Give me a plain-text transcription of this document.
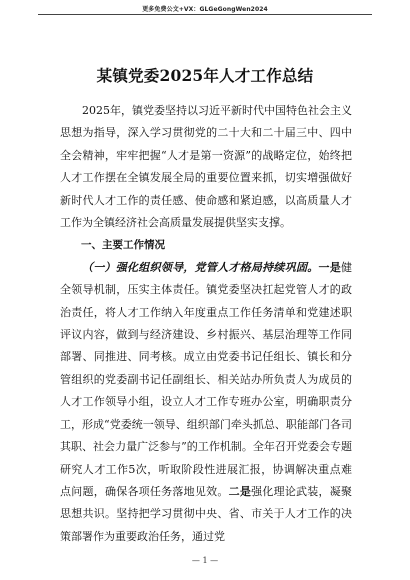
更多免费公文+VX：GLGeGongWen2024
某镇党委2025年人才工作总结

2025年，镇党委坚持以习近平新时代中国特色社会主义思想为指导，深入学习贯彻党的二十大和二十届三中、四中全会精神，牢牢把握“人才是第一资源”的战略定位，始终把人才工作摆在全镇发展全局的重要位置来抓，切实增强做好新时代人才工作的责任感、使命感和紧迫感，以高质量人才工作为全镇经济社会高质量发展提供坚实支撑。

一、主要工作情况

（一）强化组织领导，党管人才格局持续巩固。一是健全领导机制，压实主体责任。镇党委坚决扛起党管人才的政治责任，将人才工作纳入年度重点工作任务清单和党建述职评议内容，做到与经济建设、乡村振兴、基层治理等工作同部署、同推进、同考核。成立由党委书记任组长、镇长和分管组织的党委副书记任副组长、相关站办所负责人为成员的人才工作领导小组，设立人才工作专班办公室，明确职责分工，形成“党委统一领导、组织部门牵头抓总、职能部门各司其职、社会力量广泛参与”的工作机制。全年召开党委会专题研究人才工作5次，听取阶段性进展汇报，协调解决重点难点问题，确保各项任务落地见效。二是强化理论武装，凝聚思想共识。坚持把学习贯彻中央、省、市关于人才工作的决策部署作为重要政治任务，通过党

— 1 —
